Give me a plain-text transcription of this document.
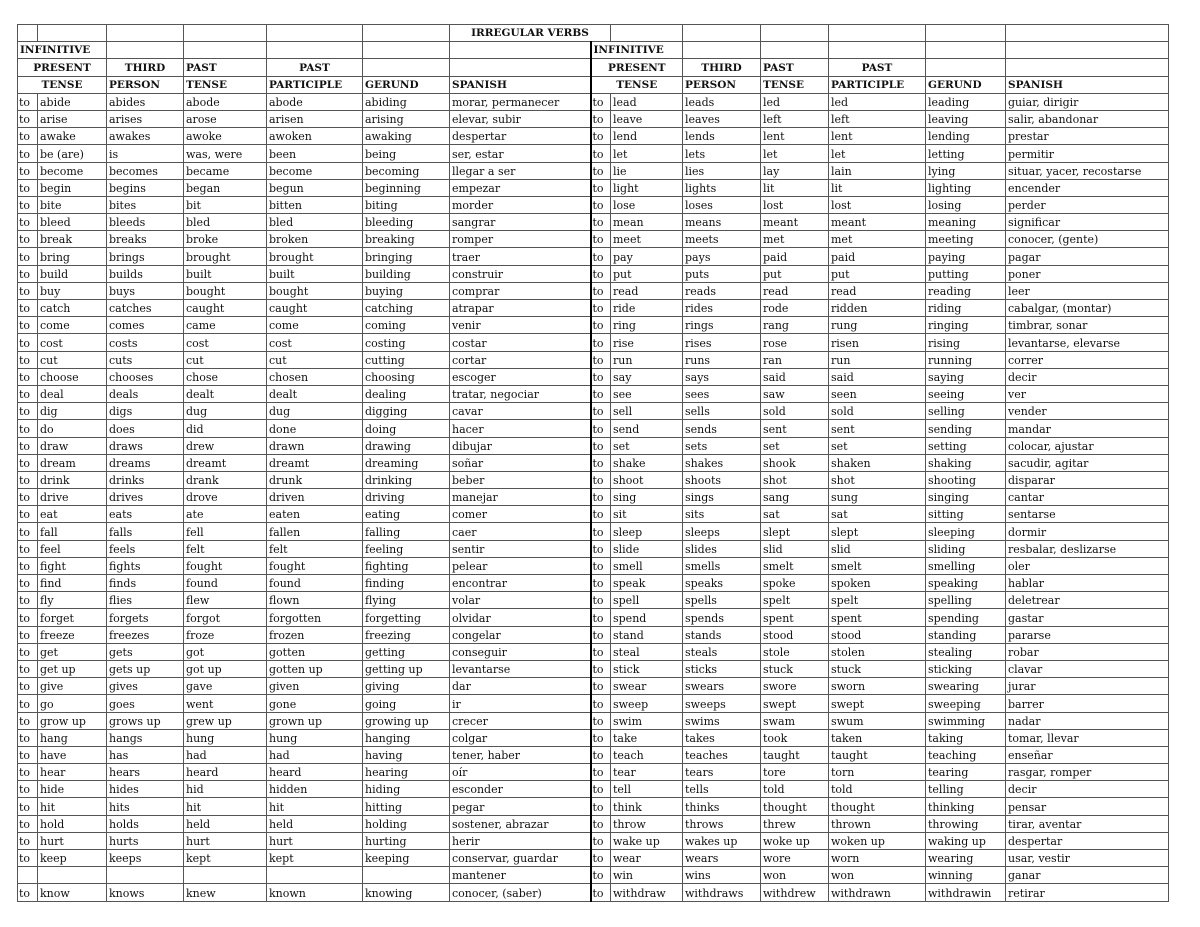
						IRREGULAR VERBS							
INFINITIVE							INFINITIVE						
PRESENT		THIRD	PAST	PAST			PRESENT		THIRD	PAST	PAST		
TENSE		PERSON	TENSE	PARTICIPLE	GERUND	SPANISH	TENSE		PERSON	TENSE	PARTICIPLE	GERUND	SPANISH
to	abide	abides	abode	abode	abiding	morar, permanecer	to	lead	leads	led	led	leading	guiar, dirigir
to	arise	arises	arose	arisen	arising	elevar, subir	to	leave	leaves	left	left	leaving	salir, abandonar
to	awake	awakes	awoke	awoken	awaking	despertar	to	lend	lends	lent	lent	lending	prestar
to	be (are)	is	was, were	been	being	ser, estar	to	let	lets	let	let	letting	permitir
to	become	becomes	became	become	becoming	llegar a ser	to	lie	lies	lay	lain	lying	situar, yacer, recostarse
to	begin	begins	began	begun	beginning	empezar	to	light	lights	lit	lit	lighting	encender
to	bite	bites	bit	bitten	biting	morder	to	lose	loses	lost	lost	losing	perder
to	bleed	bleeds	bled	bled	bleeding	sangrar	to	mean	means	meant	meant	meaning	significar
to	break	breaks	broke	broken	breaking	romper	to	meet	meets	met	met	meeting	conocer, (gente)
to	bring	brings	brought	brought	bringing	traer	to	pay	pays	paid	paid	paying	pagar
to	build	builds	built	built	building	construir	to	put	puts	put	put	putting	poner
to	buy	buys	bought	bought	buying	comprar	to	read	reads	read	read	reading	leer
to	catch	catches	caught	caught	catching	atrapar	to	ride	rides	rode	ridden	riding	cabalgar, (montar)
to	come	comes	came	come	coming	venir	to	ring	rings	rang	rung	ringing	timbrar, sonar
to	cost	costs	cost	cost	costing	costar	to	rise	rises	rose	risen	rising	levantarse, elevarse
to	cut	cuts	cut	cut	cutting	cortar	to	run	runs	ran	run	running	correr
to	choose	chooses	chose	chosen	choosing	escoger	to	say	says	said	said	saying	decir
to	deal	deals	dealt	dealt	dealing	tratar, negociar	to	see	sees	saw	seen	seeing	ver
to	dig	digs	dug	dug	digging	cavar	to	sell	sells	sold	sold	selling	vender
to	do	does	did	done	doing	hacer	to	send	sends	sent	sent	sending	mandar
to	draw	draws	drew	drawn	drawing	dibujar	to	set	sets	set	set	setting	colocar, ajustar
to	dream	dreams	dreamt	dreamt	dreaming	soñar	to	shake	shakes	shook	shaken	shaking	sacudir, agitar
to	drink	drinks	drank	drunk	drinking	beber	to	shoot	shoots	shot	shot	shooting	disparar
to	drive	drives	drove	driven	driving	manejar	to	sing	sings	sang	sung	singing	cantar
to	eat	eats	ate	eaten	eating	comer	to	sit	sits	sat	sat	sitting	sentarse
to	fall	falls	fell	fallen	falling	caer	to	sleep	sleeps	slept	slept	sleeping	dormir
to	feel	feels	felt	felt	feeling	sentir	to	slide	slides	slid	slid	sliding	resbalar, deslizarse
to	fight	fights	fought	fought	fighting	pelear	to	smell	smells	smelt	smelt	smelling	oler
to	find	finds	found	found	finding	encontrar	to	speak	speaks	spoke	spoken	speaking	hablar
to	fly	flies	flew	flown	flying	volar	to	spell	spells	spelt	spelt	spelling	deletrear
to	forget	forgets	forgot	forgotten	forgetting	olvidar	to	spend	spends	spent	spent	spending	gastar
to	freeze	freezes	froze	frozen	freezing	congelar	to	stand	stands	stood	stood	standing	pararse
to	get	gets	got	gotten	getting	conseguir	to	steal	steals	stole	stolen	stealing	robar
to	get up	gets up	got up	gotten up	getting up	levantarse	to	stick	sticks	stuck	stuck	sticking	clavar
to	give	gives	gave	given	giving	dar	to	swear	swears	swore	sworn	swearing	jurar
to	go	goes	went	gone	going	ir	to	sweep	sweeps	swept	swept	sweeping	barrer
to	grow up	grows up	grew up	grown up	growing up	crecer	to	swim	swims	swam	swum	swimming	nadar
to	hang	hangs	hung	hung	hanging	colgar	to	take	takes	took	taken	taking	tomar, llevar
to	have	has	had	had	having	tener, haber	to	teach	teaches	taught	taught	teaching	enseñar
to	hear	hears	heard	heard	hearing	oír	to	tear	tears	tore	torn	tearing	rasgar, romper
to	hide	hides	hid	hidden	hiding	esconder	to	tell	tells	told	told	telling	decir
to	hit	hits	hit	hit	hitting	pegar	to	think	thinks	thought	thought	thinking	pensar
to	hold	holds	held	held	holding	sostener, abrazar	to	throw	throws	threw	thrown	throwing	tirar, aventar
to	hurt	hurts	hurt	hurt	hurting	herir	to	wake up	wakes up	woke up	woken up	waking up	despertar
to	keep	keeps	kept	kept	keeping	conservar, guardar	to	wear	wears	wore	worn	wearing	usar, vestir
						mantener	to	win	wins	won	won	winning	ganar
to	know	knows	knew	known	knowing	conocer, (saber)	to	withdraw	withdraws	withdrew	withdrawn	withdrawin	retirar
